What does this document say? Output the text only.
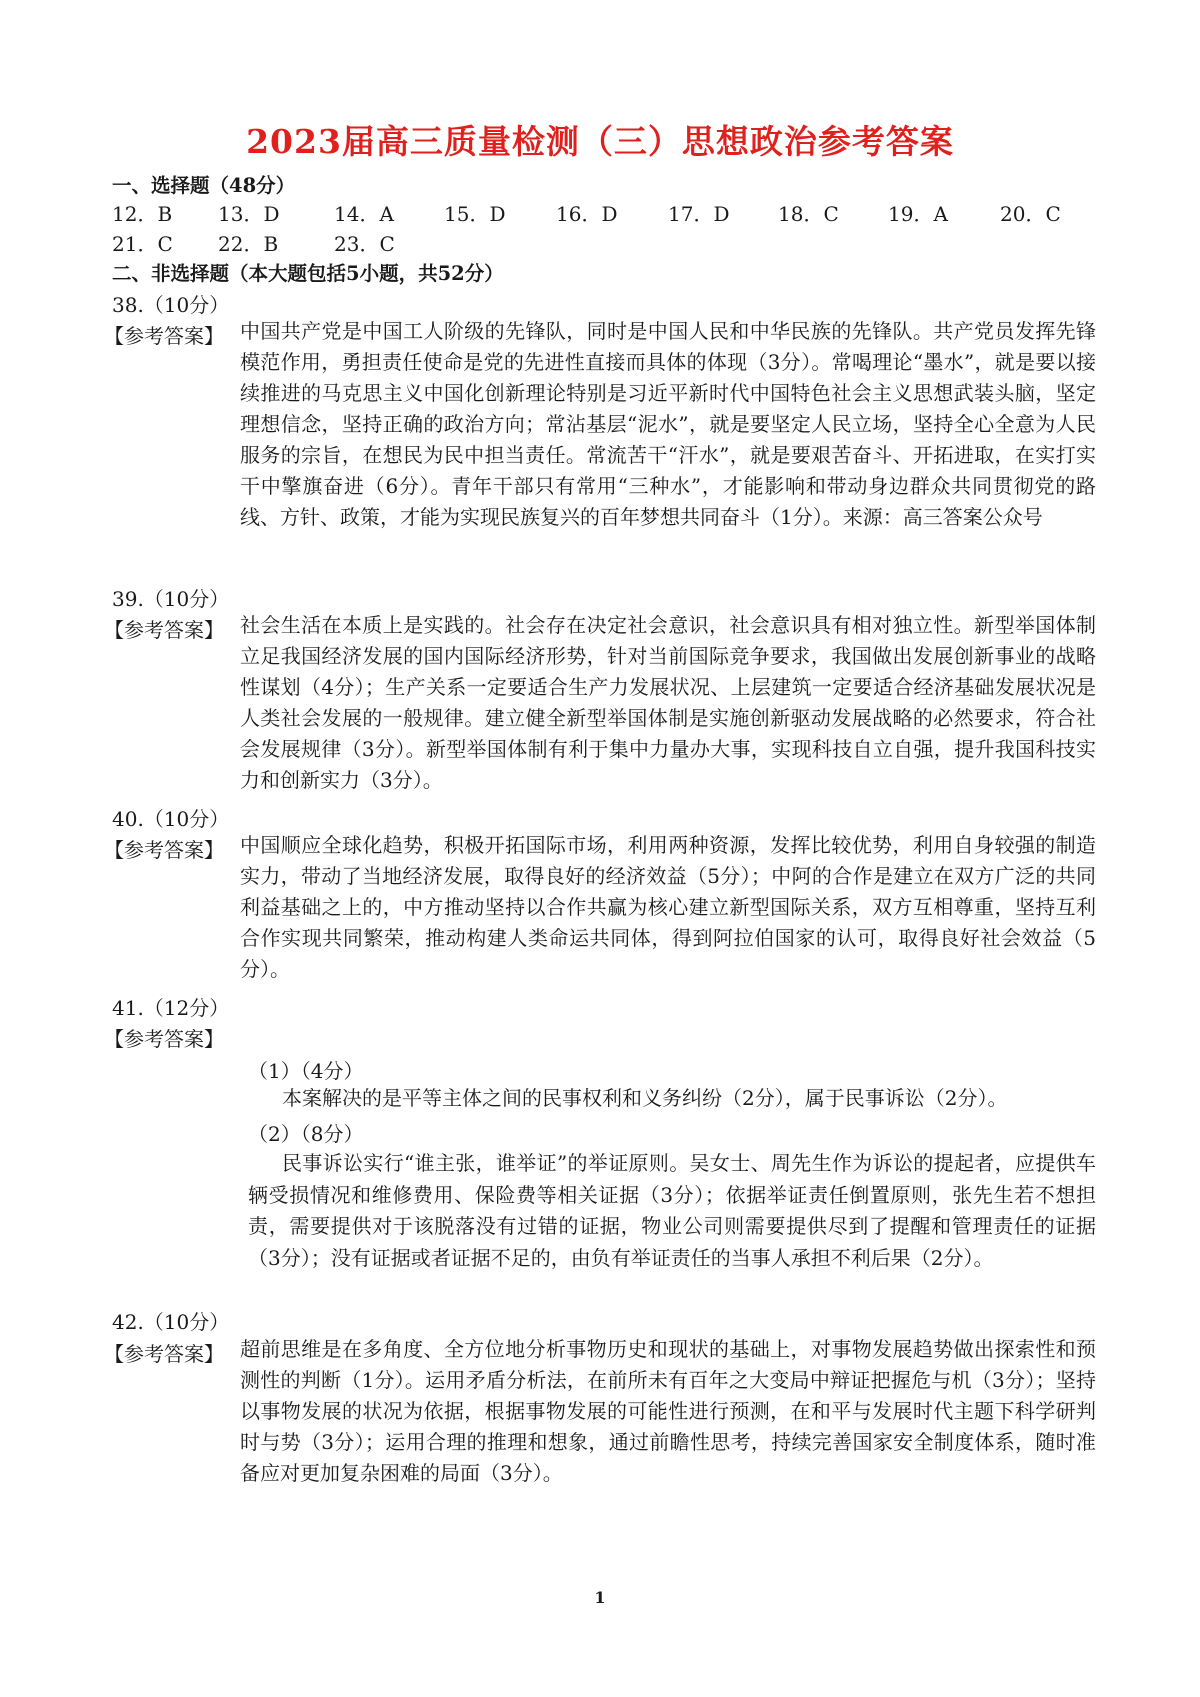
2023届高三质量检测（三）思想政治参考答案
一、选择题（48分）
12．B 13．D	14．A	15．D	16．D	17．D 18．C 19．A	20．C
21．C 22．B	23．C
二、非选择题（本大题包括5小题，共52分）
38.（10分）
【参考答案】 中国共产党是中国工人阶级的先锋队，同时是中国人民和中华民族的先锋队。共产党员发挥先锋模范作用，勇担责任使命是党的先进性直接而具体的体现（3分）。常喝理论“墨水”，就是要以接续推进的马克思主义中国化创新理论特别是习近平新时代中国特色社会主义思想武装头脑，坚定理想信念，坚持正确的政治方向；常沾基层“泥水”，就是要坚定人民立场，坚持全心全意为人民服务的宗旨，在想民为民中担当责任。常流苦干“汗水”，就是要艰苦奋斗、开拓进取，在实打实干中擎旗奋进（6分）。青年干部只有常用“三种水”，才能影响和带动身边群众共同贯彻党的路线、方针、政策，才能为实现民族复兴的百年梦想共同奋斗（1分）。来源：高三答案公众号
39.（10分）
【参考答案】 社会生活在本质上是实践的。社会存在决定社会意识，社会意识具有相对独立性。新型举国体制立足我国经济发展的国内国际经济形势，针对当前国际竞争要求，我国做出发展创新事业的战略性谋划（4分）；生产关系一定要适合生产力发展状况、上层建筑一定要适合经济基础发展状况是人类社会发展的一般规律。建立健全新型举国体制是实施创新驱动发展战略的必然要求，符合社会发展规律（3分）。新型举国体制有利于集中力量办大事，实现科技自立自强，提升我国科技实力和创新实力（3分）。
40.（10分）
【参考答案】 中国顺应全球化趋势，积极开拓国际市场，利用两种资源，发挥比较优势，利用自身较强的制造实力，带动了当地经济发展，取得良好的经济效益（5分）；中阿的合作是建立在双方广泛的共同利益基础之上的，中方推动坚持以合作共赢为核心建立新型国际关系，双方互相尊重，坚持互利合作实现共同繁荣，推动构建人类命运共同体，得到阿拉伯国家的认可，取得良好社会效益（5分）。
41.（12分）
【参考答案】
（1）（4分）
本案解决的是平等主体之间的民事权利和义务纠纷（2分），属于民事诉讼（2分）。
（2）（8分）
民事诉讼实行“谁主张，谁举证”的举证原则。吴女士、周先生作为诉讼的提起者，应提供车辆受损情况和维修费用、保险费等相关证据（3分）；依据举证责任倒置原则，张先生若不想担责，需要提供对于该脱落没有过错的证据，物业公司则需要提供尽到了提醒和管理责任的证据（3分）；没有证据或者证据不足的，由负有举证责任的当事人承担不利后果（2分）。
42.（10分）
【参考答案】 超前思维是在多角度、全方位地分析事物历史和现状的基础上，对事物发展趋势做出探索性和预测性的判断（1分）。运用矛盾分析法，在前所未有百年之大变局中辩证把握危与机（3分）；坚持以事物发展的状况为依据，根据事物发展的可能性进行预测，在和平与发展时代主题下科学研判时与势（3分）；运用合理的推理和想象，通过前瞻性思考，持续完善国家安全制度体系，随时准备应对更加复杂困难的局面（3分）。
1
